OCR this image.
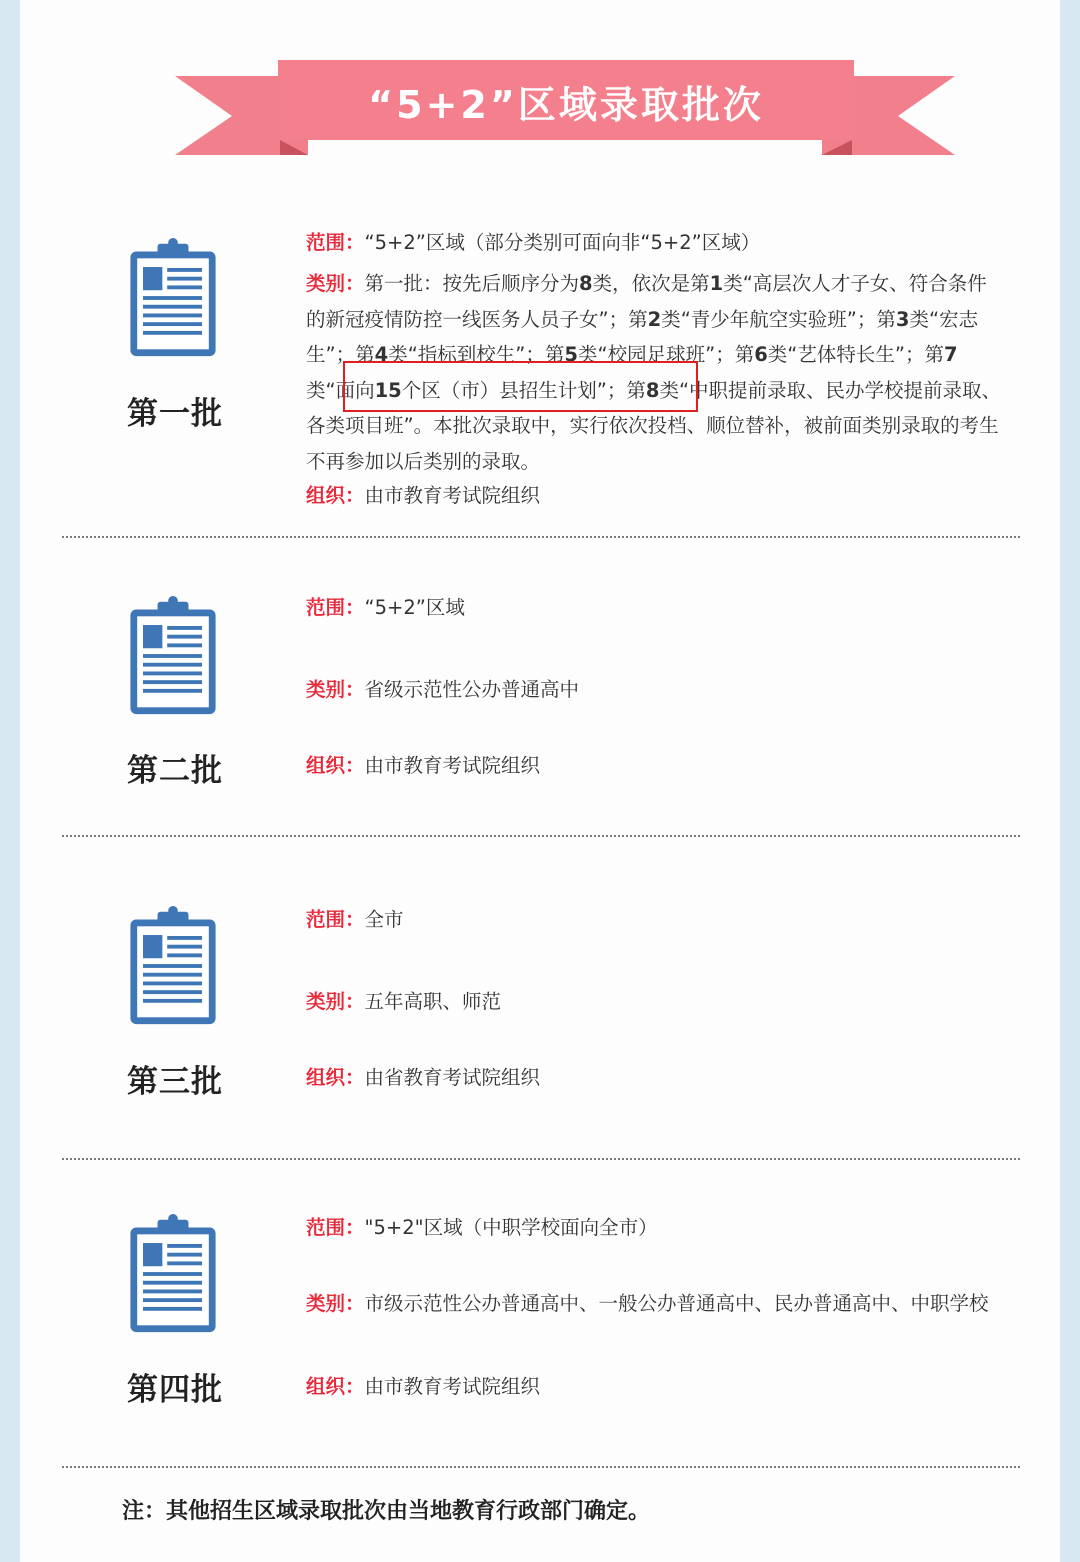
“5+2”区域录取批次
第一批
范围：“5+2”区域（部分类别可面向非“5+2”区域）
类别：第一批：按先后顺序分为8类，依次是第1类“高层次人才子女、符合条件的新冠疫情防控一线医务人员子女”；第2类“青少年航空实验班”；第3类“宏志生”；第4类“指标到校生”；第5类“校园足球班”；第6类“艺体特长生”；第7类“面向15个区（市）县招生计划”；第8类“中职提前录取、民办学校提前录取、各类项目班”。本批次录取中，实行依次投档、顺位替补，被前面类别录取的考生不再参加以后类别的录取。
组织：由市教育考试院组织
第二批
范围：“5+2”区域
类别：省级示范性公办普通高中
组织：由市教育考试院组织
第三批
范围：全市
类别：五年高职、师范
组织：由省教育考试院组织
第四批
范围："5+2"区域（中职学校面向全市）
类别：市级示范性公办普通高中、一般公办普通高中、民办普通高中、中职学校
组织：由市教育考试院组织
注：其他招生区域录取批次由当地教育行政部门确定。
